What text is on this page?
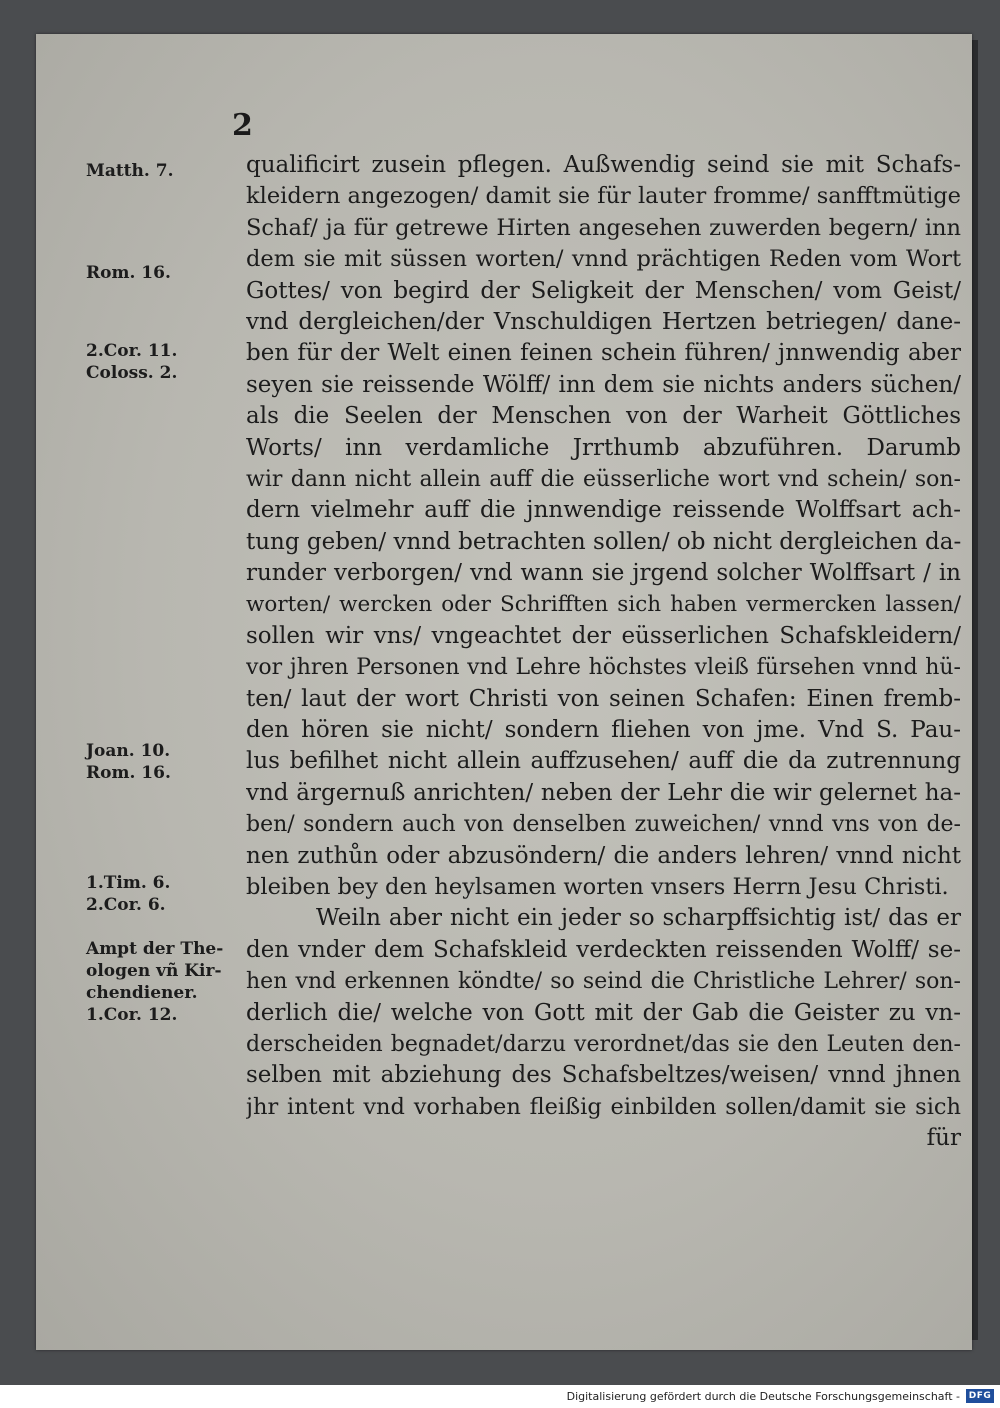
2
Matth. 7.
Rom. 16.
2.Cor. 11.
Coloss. 2.
Joan. 10.
Rom. 16.
1.Tim. 6.
2.Cor. 6.
Ampt der The-
ologen vñ Kir-
chendiener.
1.Cor. 12.
qualificirt zusein pflegen. Außwendig seind sie mit Schafs-
kleidern angezogen/ damit sie für lauter fromme/ sanfftmütige
Schaf/ ja für getrewe Hirten angesehen zuwerden begern/ inn
dem sie mit süssen worten/ vnnd prächtigen Reden vom Wort
Gottes/ von begird der Seligkeit der Menschen/ vom Geist/
vnd dergleichen/der Vnschuldigen Hertzen betriegen/ dane-
ben für der Welt einen feinen schein führen/ jnnwendig aber
seyen sie reissende Wölff/ inn dem sie nichts anders süchen/
als die Seelen der Menschen von der Warheit Göttliches
Worts/ inn verdamliche Jrrthumb abzuführen. Darumb
wir dann nicht allein auff die eüsserliche wort vnd schein/ son-
dern vielmehr auff die jnnwendige reissende Wolffsart ach-
tung geben/ vnnd betrachten sollen/ ob nicht dergleichen da-
runder verborgen/ vnd wann sie jrgend solcher Wolffsart / in
worten/ wercken oder Schrifften sich haben vermercken lassen/
sollen wir vns/ vngeachtet der eüsserlichen Schafskleidern/
vor jhren Personen vnd Lehre höchstes vleiß fürsehen vnnd hü-
ten/ laut der wort Christi von seinen Schafen: Einen fremb-
den hören sie nicht/ sondern fliehen von jme. Vnd S. Pau-
lus befilhet nicht allein auffzusehen/ auff die da zutrennung
vnd ärgernuß anrichten/ neben der Lehr die wir gelernet ha-
ben/ sondern auch von denselben zuweichen/ vnnd vns von de-
nen zuthůn oder abzusöndern/ die anders lehren/ vnnd nicht
bleiben bey den heylsamen worten vnsers Herrn Jesu Christi.
Weiln aber nicht ein jeder so scharpffsichtig ist/ das er
den vnder dem Schafskleid verdeckten reissenden Wolff/ se-
hen vnd erkennen köndte/ so seind die Christliche Lehrer/ son-
derlich die/ welche von Gott mit der Gab die Geister zu vn-
derscheiden begnadet/darzu verordnet/das sie den Leuten den-
selben mit abziehung des Schafsbeltzes/weisen/ vnnd jhnen
jhr intent vnd vorhaben fleißig einbilden sollen/damit sie sich
für
Digitalisierung gefördert durch die Deutsche Forschungsgemeinschaft - DFG
